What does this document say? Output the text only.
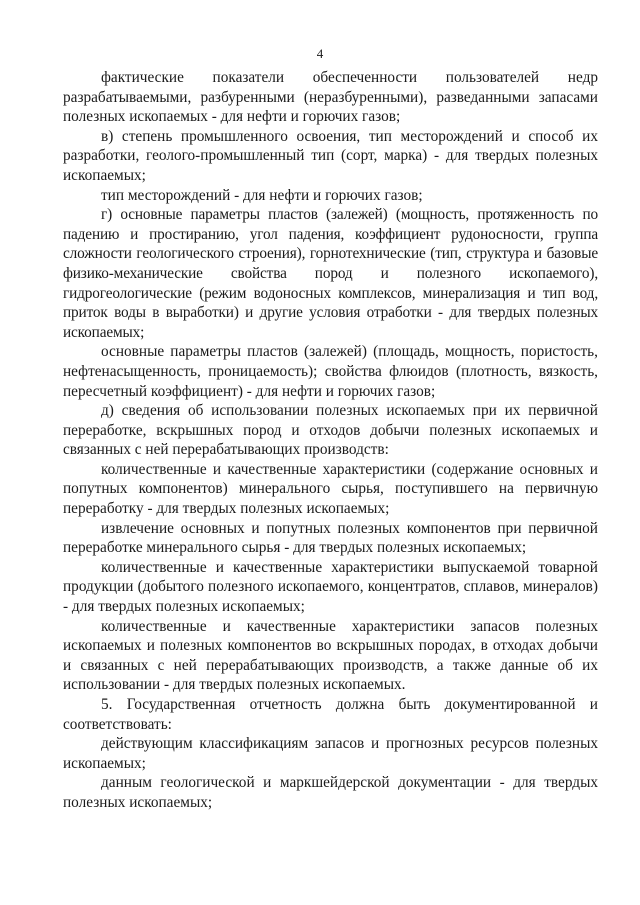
4

фактические показатели обеспеченности пользователей недр разрабатываемыми, разбуренными (неразбуренными), разведанными запасами полезных ископаемых - для нефти и горючих газов;

в) степень промышленного освоения, тип месторождений и способ их разработки, геолого-промышленный тип (сорт, марка) - для твердых полезных ископаемых;

тип месторождений - для нефти и горючих газов;

г) основные параметры пластов (залежей) (мощность, протяженность по падению и простиранию, угол падения, коэффициент рудоносности, группа сложности геологического строения), горнотехнические (тип, структура и базовые физико-механические свойства пород и полезного ископаемого), гидрогеологические (режим водоносных комплексов, минерализация и тип вод, приток воды в выработки) и другие условия отработки - для твердых полезных ископаемых;

основные параметры пластов (залежей) (площадь, мощность, пористость, нефтенасыщенность, проницаемость); свойства флюидов (плотность, вязкость, пересчетный коэффициент) - для нефти и горючих газов;

д) сведения об использовании полезных ископаемых при их первичной переработке, вскрышных пород и отходов добычи полезных ископаемых и связанных с ней перерабатывающих производств:

количественные и качественные характеристики (содержание основных и попутных компонентов) минерального сырья, поступившего на первичную переработку - для твердых полезных ископаемых;

извлечение основных и попутных полезных компонентов при первичной переработке минерального сырья - для твердых полезных ископаемых;

количественные и качественные характеристики выпускаемой товарной продукции (добытого полезного ископаемого, концентратов, сплавов, минералов) - для твердых полезных ископаемых;

количественные и качественные характеристики запасов полезных ископаемых и полезных компонентов во вскрышных породах, в отходах добычи и связанных с ней перерабатывающих производств, а также данные об их использовании - для твердых полезных ископаемых.

5. Государственная отчетность должна быть документированной и соответствовать:

действующим классификациям запасов и прогнозных ресурсов полезных ископаемых;

данным геологической и маркшейдерской документации - для твердых полезных ископаемых;
